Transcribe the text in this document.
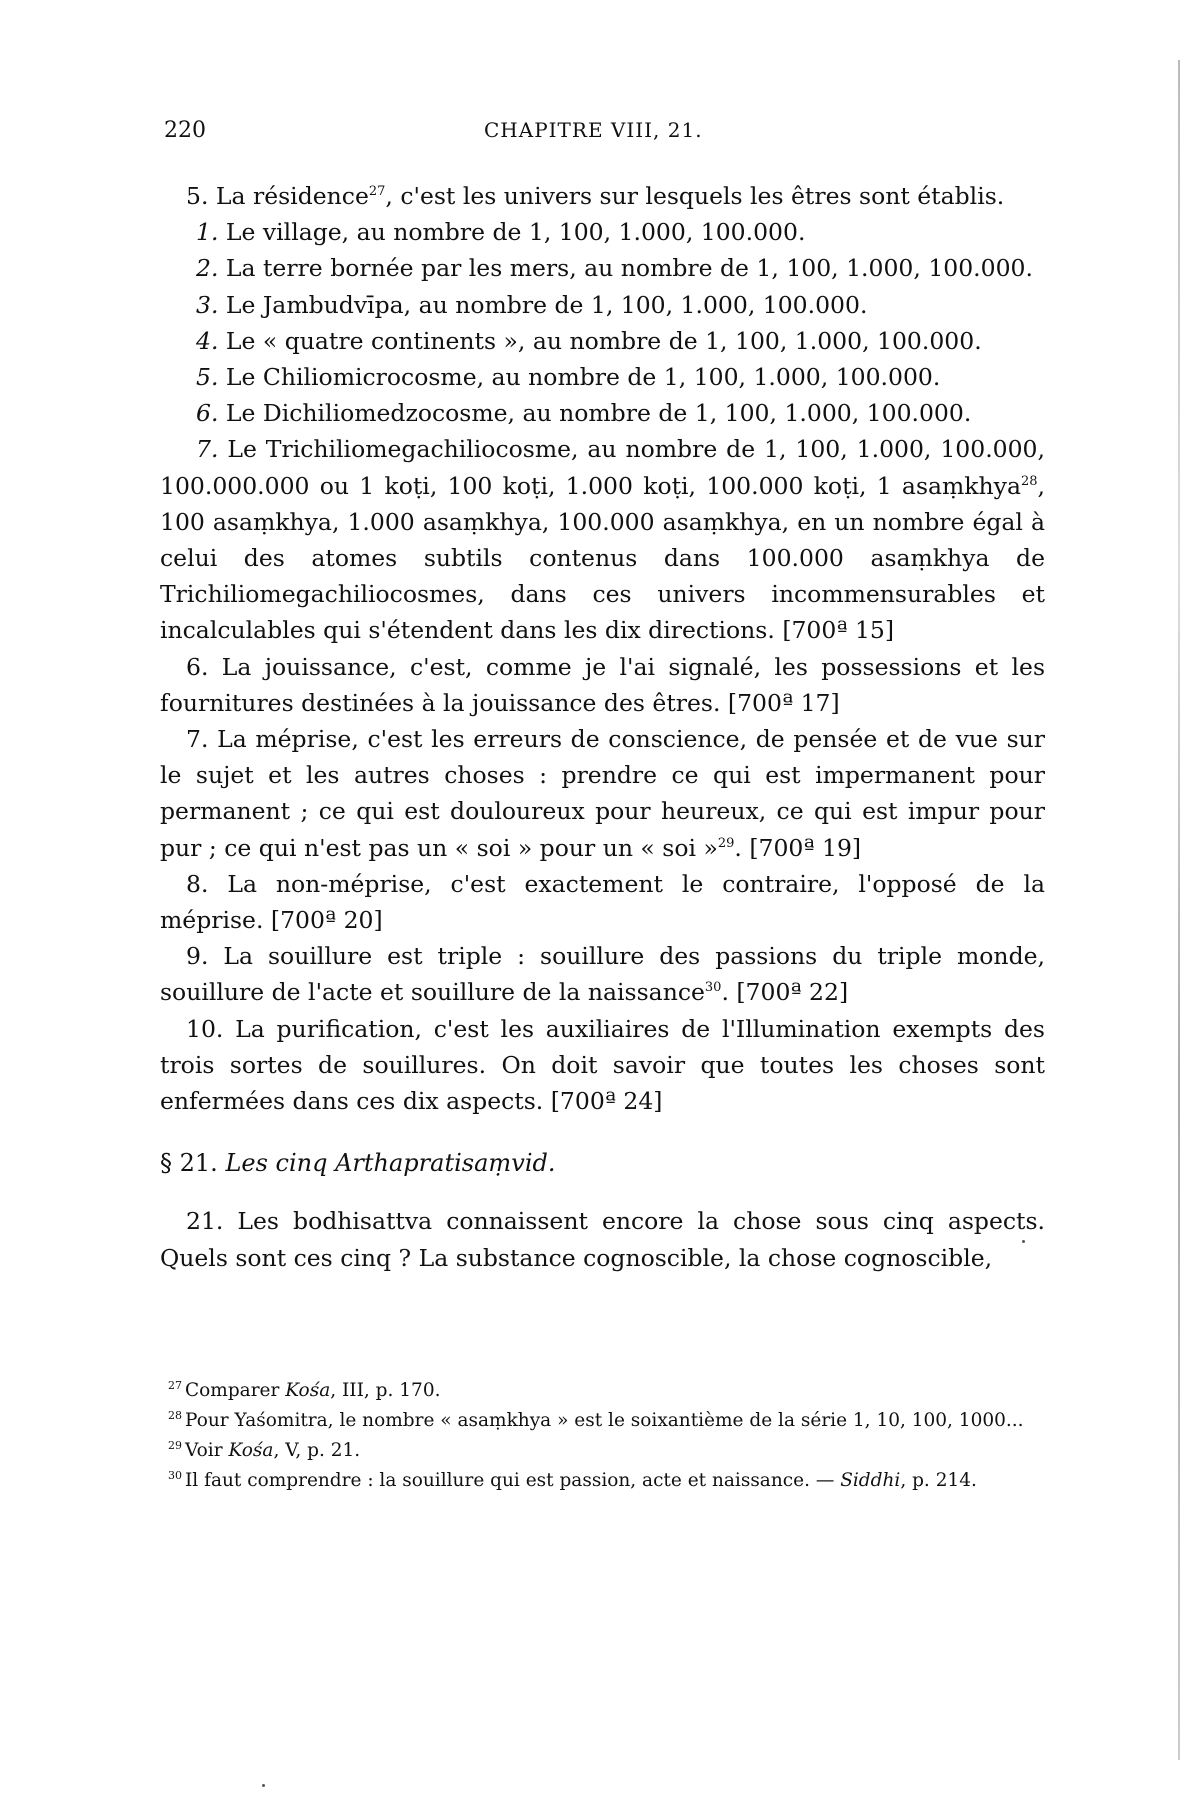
220	CHAPITRE VIII, 21.

5. La résidence$^{27}$, c'est les univers sur lesquels les êtres sont établis.

1. Le village, au nombre de 1, 100, 1.000, 100.000.

2. La terre bornée par les mers, au nombre de 1, 100, 1.000, 100.000.

3. Le Jambudvīpa, au nombre de 1, 100, 1.000, 100.000.

4. Le « quatre continents », au nombre de 1, 100, 1.000, 100.000.

5. Le Chiliomicrocosme, au nombre de 1, 100, 1.000, 100.000.

6. Le Dichiliomedzocosme, au nombre de 1, 100, 1.000, 100.000.

7. Le Trichiliomegachiliocosme, au nombre de 1, 100, 1.000, 100.000, 100.000.000 ou 1 koṭi, 100 koṭi, 1.000 koṭi, 100.000 koṭi, 1 asaṃkhya$^{28}$, 100 asaṃkhya, 1.000 asaṃkhya, 100.000 asaṃkhya, en un nombre égal à celui des atomes subtils contenus dans 100.000 asaṃkhya de Trichiliomegachiliocosmes, dans ces univers incommensurables et incalculables qui s'étendent dans les dix directions. [700ª 15]

6. La jouissance, c'est, comme je l'ai signalé, les possessions et les fournitures destinées à la jouissance des êtres. [700ª 17]

7. La méprise, c'est les erreurs de conscience, de pensée et de vue sur le sujet et les autres choses : prendre ce qui est impermanent pour permanent ; ce qui est douloureux pour heureux, ce qui est impur pour pur ; ce qui n'est pas un « soi » pour un « soi »$^{29}$. [700ª 19]

8. La non-méprise, c'est exactement le contraire, l'opposé de la méprise. [700ª 20]

9. La souillure est triple : souillure des passions du triple monde, souillure de l'acte et souillure de la naissance$^{30}$. [700ª 22]

10. La purification, c'est les auxiliaires de l'Illumination exempts des trois sortes de souillures. On doit savoir que toutes les choses sont enfermées dans ces dix aspects. [700ª 24]

§ 21. Les cinq Arthapratisaṃvid.

21. Les bodhisattva connaissent encore la chose sous cinq aspects. Quels sont ces cinq ? La substance cognoscible, la chose cognoscible,

$^{27}$ Comparer Kośa, III, p. 170.

$^{28}$ Pour Yaśomitra, le nombre « asaṃkhya » est le soixantième de la série 1, 10, 100, 1000...

$^{29}$ Voir Kośa, V, p. 21.

$^{30}$ Il faut comprendre : la souillure qui est passion, acte et naissance. — Siddhi, p. 214.
